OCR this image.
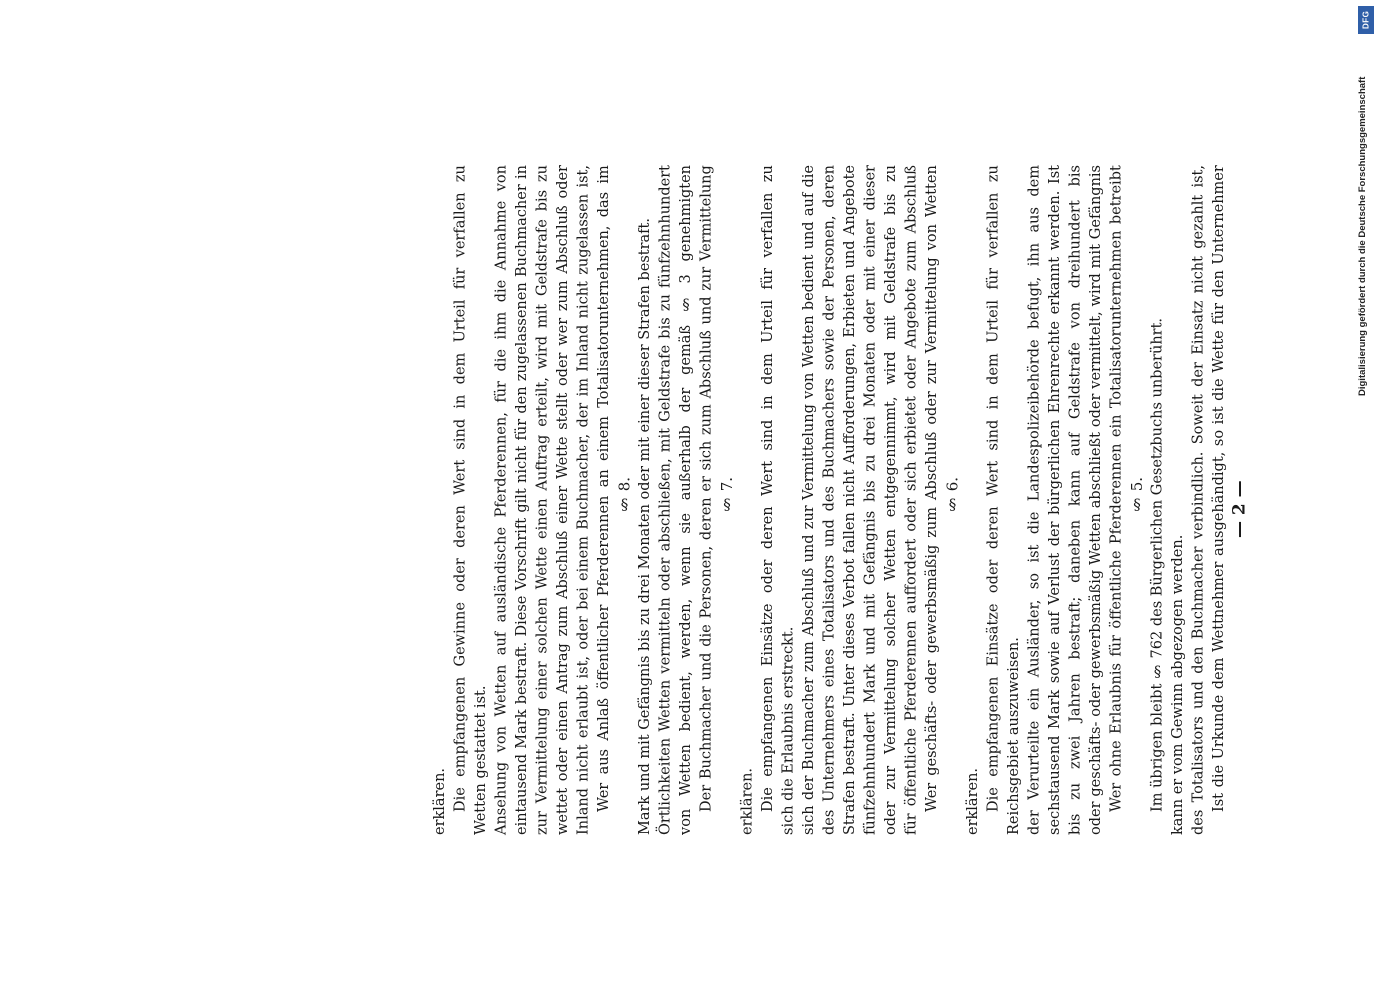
— 2 —

Ist die Urkunde dem Wettnehmer ausgehändigt, so ist die Wette für den Unternehmer des Totalisators und den Buchmacher verbindlich. Soweit der Einsatz nicht gezahlt ist, kann er vom Gewinn abgezogen werden.

Im übrigen bleibt § 762 des Bürgerlichen Gesetzbuchs unberührt.

§ 5.

Wer ohne Erlaubnis für öffentliche Pferderennen ein Totalisatorunternehmen betreibt oder geschäfts- oder gewerbsmäßig Wetten abschließt oder vermittelt, wird mit Gefängnis bis zu zwei Jahren bestraft; daneben kann auf Geldstrafe von dreihundert bis sechstausend Mark sowie auf Verlust der bürgerlichen Ehrenrechte erkannt werden. Ist der Verurteilte ein Ausländer, so ist die Landespolizeibehörde befugt, ihn aus dem Reichsgebiet auszuweisen.

Die empfangenen Einsätze oder deren Wert sind in dem Urteil für verfallen zu erklären.

§ 6.

Wer geschäfts- oder gewerbsmäßig zum Abschluß oder zur Vermittelung von Wetten für öffentliche Pferderennen auffordert oder sich erbietet oder Angebote zum Abschluß oder zur Vermittelung solcher Wetten entgegennimmt, wird mit Geldstrafe bis zu fünfzehnhundert Mark und mit Gefängnis bis zu drei Monaten oder mit einer dieser Strafen bestraft. Unter dieses Verbot fallen nicht Aufforderungen, Erbieten und Angebote des Unternehmers eines Totalisators und des Buchmachers sowie der Personen, deren sich der Buchmacher zum Abschluß und zur Vermittelung von Wetten bedient und auf die sich die Erlaubnis erstreckt.

Die empfangenen Einsätze oder deren Wert sind in dem Urteil für verfallen zu erklären.

§ 7.

Der Buchmacher und die Personen, deren er sich zum Abschluß und zur Vermittelung von Wetten bedient, werden, wenn sie außerhalb der gemäß § 3 genehmigten Örtlichkeiten Wetten vermitteln oder abschließen, mit Geldstrafe bis zu fünfzehnhundert Mark und mit Gefängnis bis zu drei Monaten oder mit einer dieser Strafen bestraft.

§ 8.

Wer aus Anlaß öffentlicher Pferderennen an einem Totalisatorunternehmen, das im Inland nicht erlaubt ist, oder bei einem Buchmacher, der im Inland nicht zugelassen ist, wettet oder einen Antrag zum Abschluß einer Wette stellt oder wer zum Abschluß oder zur Vermittelung einer solchen Wette einen Auftrag erteilt, wird mit Geldstrafe bis zu eintausend Mark bestraft. Diese Vorschrift gilt nicht für den zugelassenen Buchmacher in Ansehung von Wetten auf ausländische Pferderennen, für die ihm die Annahme von Wetten gestattet ist.

Die empfangenen Gewinne oder deren Wert sind in dem Urteil für verfallen zu erklären.

DFG
Digitalisierung gefördert durch die Deutsche Forschungsgemeinschaft
